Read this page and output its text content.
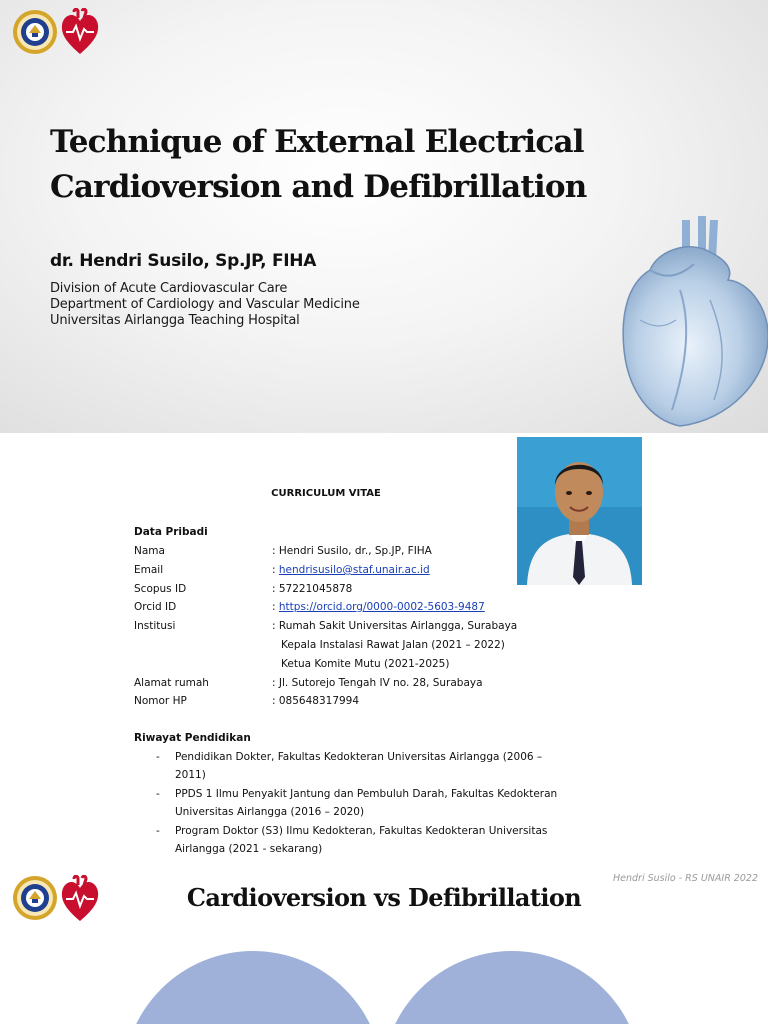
Technique of External Electrical
Cardioversion and Defibrillation
dr. Hendri Susilo, Sp.JP, FIHA
Division of Acute Cardiovascular Care
Department of Cardiology and Vascular Medicine
Universitas Airlangga Teaching Hospital
CURRICULUM VITAE
Data Pribadi
Nama	: Hendri Susilo, dr., Sp.JP, FIHA
Email	: hendrisusilo@staf.unair.ac.id
Scopus ID	: 57221045878
Orcid ID	: https://orcid.org/0000-0002-5603-9487
Institusi	: Rumah Sakit Universitas Airlangga, Surabaya
Kepala Instalasi Rawat Jalan (2021 – 2022)
Ketua Komite Mutu (2021-2025)
Alamat rumah	: Jl. Sutorejo Tengah IV no. 28, Surabaya
Nomor HP	: 085648317994
Riwayat Pendidikan
- Pendidikan Dokter, Fakultas Kedokteran Universitas Airlangga (2006 –
2011)
- PPDS 1 Ilmu Penyakit Jantung dan Pembuluh Darah, Fakultas Kedokteran
Universitas Airlangga (2016 – 2020)
- Program Doktor (S3) Ilmu Kedokteran, Fakultas Kedokteran Universitas
Airlangga (2021 - sekarang)
Cardioversion vs Defibrillation
Hendri Susilo - RS UNAIR 2022
